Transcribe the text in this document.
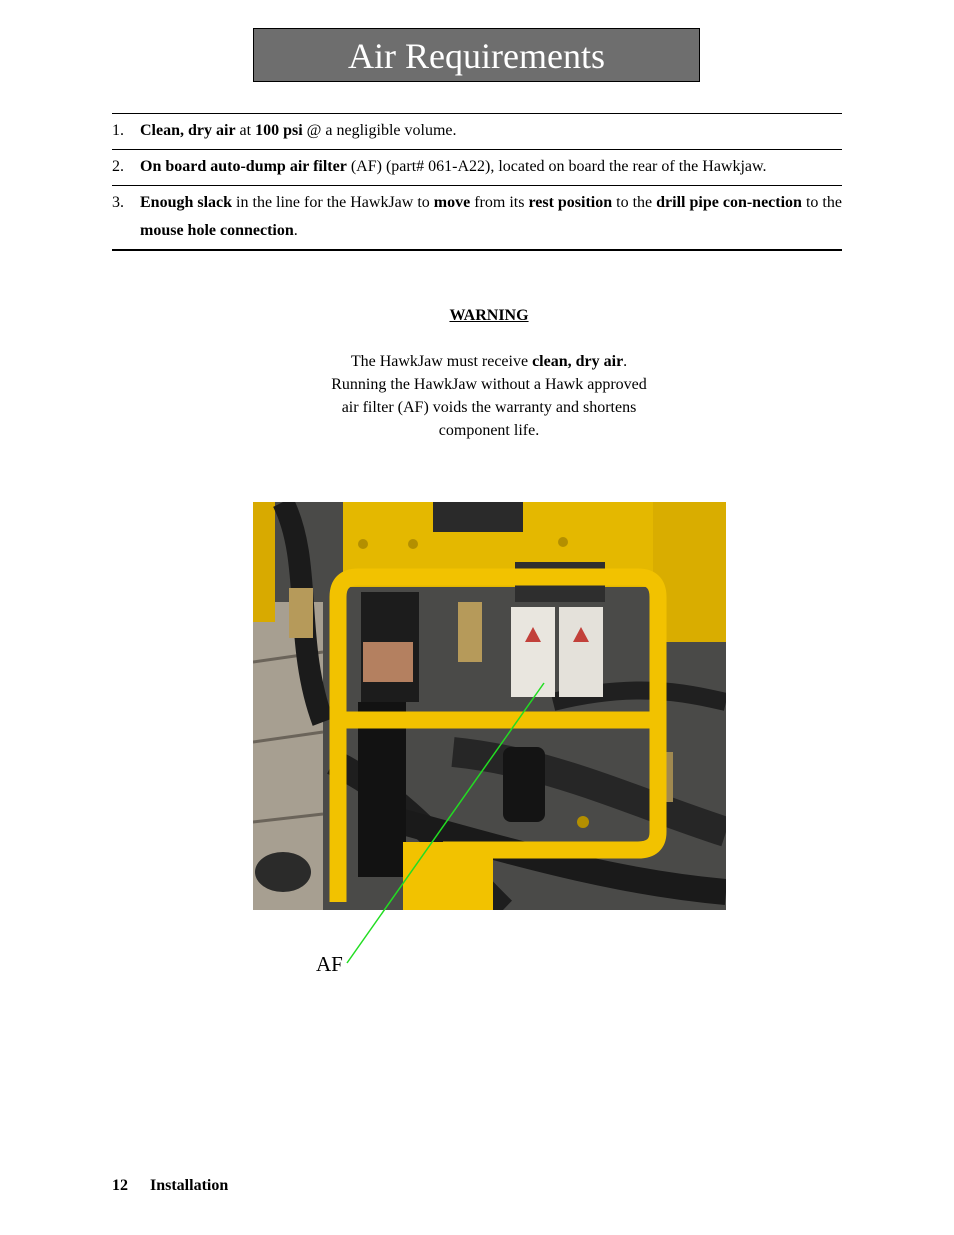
Air Requirements
1.	Clean, dry air at 100 psi @ a negligible volume.
2.	On board auto-dump air filter (AF) (part# 061-A22), located on board the rear of the Hawkjaw.
3.	Enough slack in the line for the HawkJaw to move from its rest position to the drill pipe con-nection to the mouse hole connection.
WARNING
The HawkJaw must receive clean, dry air. Running the HawkJaw without a Hawk approved air filter (AF) voids the warranty and shortens component life.
AF
12 Installation
